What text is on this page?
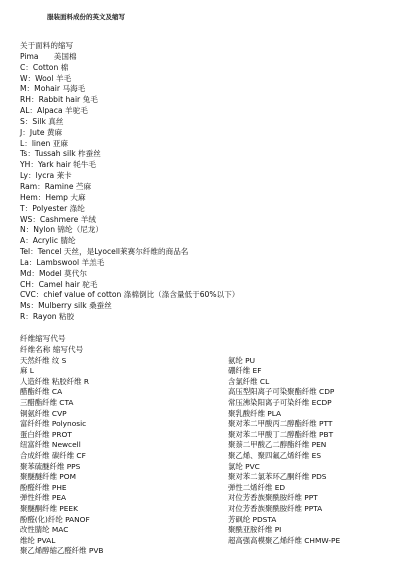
服装面料成份的英文及缩写
关于面料的缩写
Pima　　美国棉
C：Cotton 棉
W：Wool 羊毛
M：Mohair 马海毛
RH：Rabbit hair 兔毛
AL：Alpaca 羊驼毛
S：Silk 真丝
J：Jute 黄麻
L：linen 亚麻
Ts：Tussah silk 柞蚕丝
YH：Yark hair 牦牛毛
Ly：lycra 莱卡
Ram：Ramine 苎麻
Hem：Hemp 大麻
T：Polyester 涤纶
WS：Cashmere 羊绒
N：Nylon 锦纶（尼龙）
A：Acrylic 腈纶
Tel：Tencel 天丝，是Lyocell莱赛尔纤维的商品名
La：Lambswool 羊羔毛
Md：Model 莫代尔
CH：Camel hair 驼毛
CVC：chief value of cotton 涤棉倒比（涤含量低于60%以下）
Ms：Mulberry silk 桑蚕丝
R：Rayon 粘胶
纤维缩写代号
纤维名称 缩写代号
天然纤维 纹 S
麻 L
人造纤维 粘胶纤维 R
醋酯纤维 CA
三醋酯纤维 CTA
铜氨纤维 CVP
富纤纤维 Polynosic
蛋白纤维 PROT
纽富纤维 Newcell
合成纤维 碳纤维 CF
聚苯硫醚纤维 PPS
聚醚醚纤维 POM
酚醛纤维 PHE
弹性纤维 PEA
聚醚酮纤维 PEEK
酚醛(化)纤纶 PANOF
改性腈纶 MAC
维纶 PVAL
聚乙烯醇缩乙醛纤维 PVB
氨纶 PU
硼纤维 EF
含氯纤维 CL
高压型阳离子可染聚酯纤维 CDP
常压沸染阳离子可染纤维 ECDP
聚乳酸纤维 PLA
聚对苯二甲酸丙二醇酯纤维 PTT
聚对苯二甲酸丁二醇酯纤维 PBT
聚萘二甲酸乙二醇酯纤维 PEN
聚乙烯、聚四氟乙烯纤维 ES
氯纶 PVC
聚对苯二氯苯环乙酮纤维 PDS
弹性二烯纤维 ED
对位芳香族聚酰胺纤维 PPT
对位芳香族聚酰胺纤维 PPTA
芳砜纶 PDSTA
聚酰亚胺纤维 PI
超高强高模聚乙烯纤维 CHMW-PE
